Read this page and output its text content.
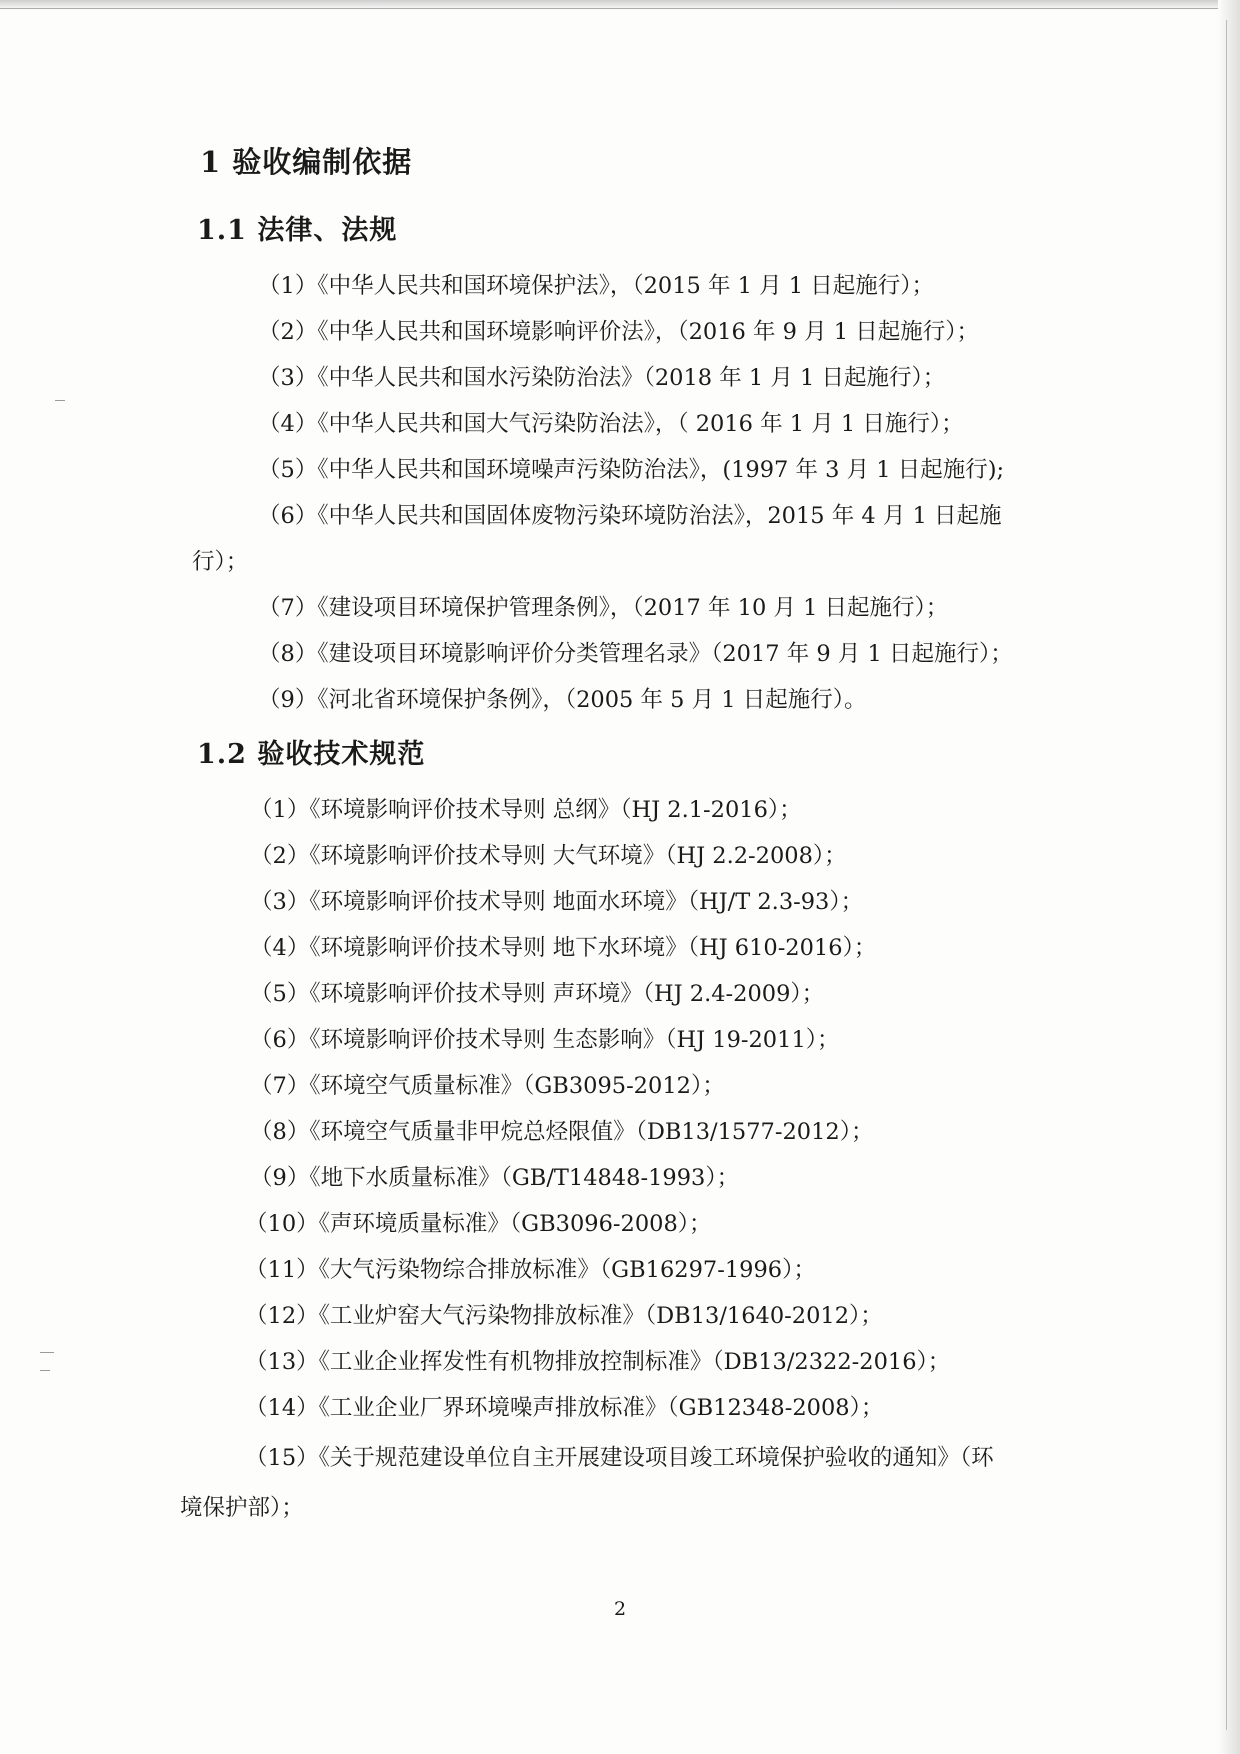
1 验收编制依据
1.1 法律、法规
（1）《中华人民共和国环境保护法》，（2015 年 1 月 1 日起施行）；
（2）《中华人民共和国环境影响评价法》，（2016 年 9 月 1 日起施行）；
（3）《中华人民共和国水污染防治法》（2018 年 1 月 1 日起施行）；
（4）《中华人民共和国大气污染防治法》，（ 2016 年 1 月 1 日施行）；
（5）《中华人民共和国环境噪声污染防治法》，(1997 年 3 月 1 日起施行);
（6）《中华人民共和国固体废物污染环境防治法》，2015 年 4 月 1 日起施
行）；
（7）《建设项目环境保护管理条例》，（2017 年 10 月 1 日起施行）；
（8）《建设项目环境影响评价分类管理名录》（2017 年 9 月 1 日起施行）；
（9）《河北省环境保护条例》，（2005 年 5 月 1 日起施行）。
1.2 验收技术规范
（1）《环境影响评价技术导则 总纲》（HJ 2.1-2016）；
（2）《环境影响评价技术导则 大气环境》（HJ 2.2-2008）；
（3）《环境影响评价技术导则 地面水环境》（HJ/T 2.3-93）；
（4）《环境影响评价技术导则 地下水环境》（HJ 610-2016）；
（5）《环境影响评价技术导则 声环境》（HJ 2.4-2009）；
（6）《环境影响评价技术导则 生态影响》（HJ 19-2011）；
（7）《环境空气质量标准》（GB3095-2012）；
（8）《环境空气质量非甲烷总烃限值》（DB13/1577-2012）；
（9）《地下水质量标准》（GB/T14848-1993）；
（10）《声环境质量标准》（GB3096-2008）；
（11）《大气污染物综合排放标准》（GB16297-1996）；
（12）《工业炉窑大气污染物排放标准》（DB13/1640-2012）；
（13）《工业企业挥发性有机物排放控制标准》（DB13/2322-2016）；
（14）《工业企业厂界环境噪声排放标准》（GB12348-2008）；
（15）《关于规范建设单位自主开展建设项目竣工环境保护验收的通知》（环
境保护部）；
2
